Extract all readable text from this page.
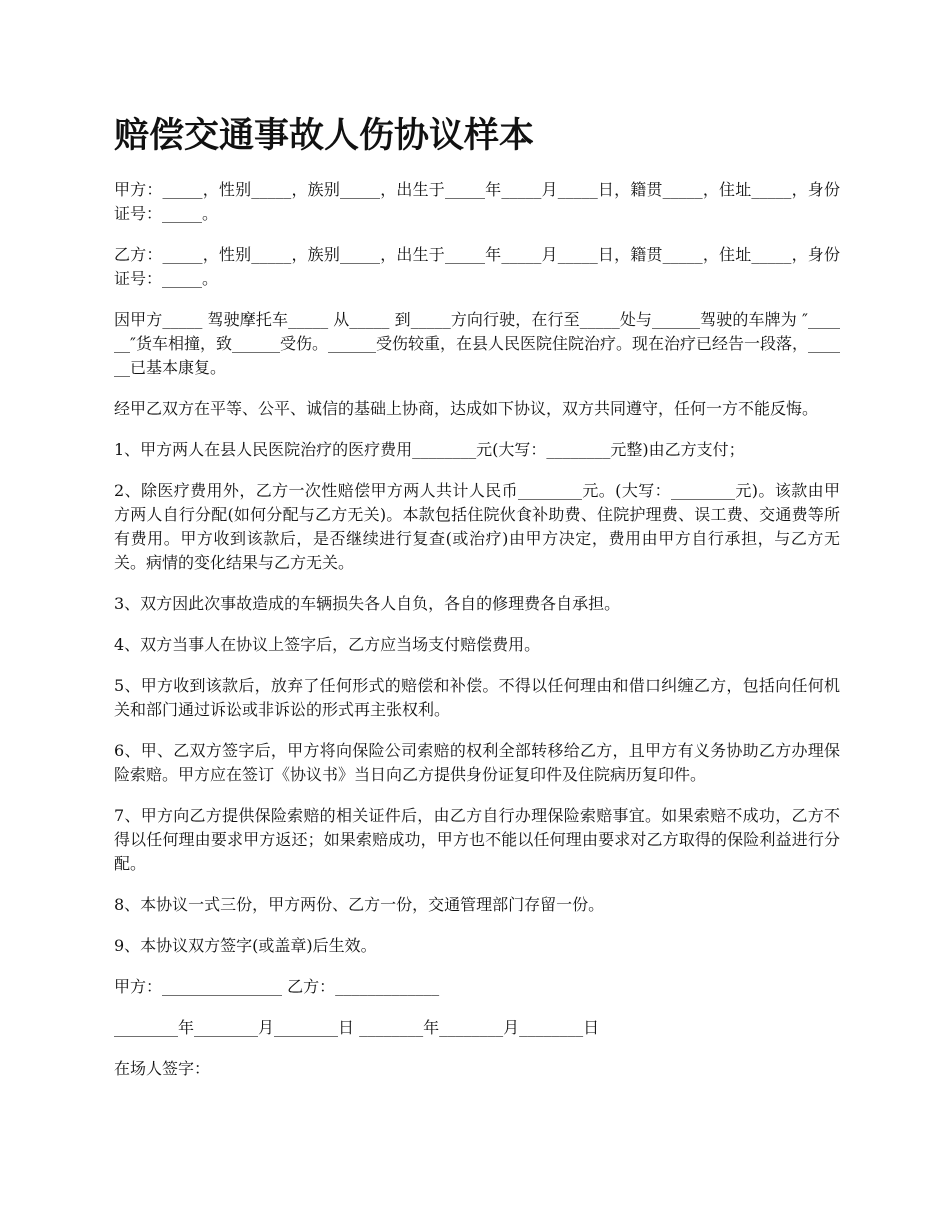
赔偿交通事故人伤协议样本

甲方：_____，性别_____，族别_____，出生于_____年_____月_____日，籍贯_____，住址_____，身份证号：_____。

乙方：_____，性别_____，族别_____，出生于_____年_____月_____日，籍贯_____，住址_____，身份证号：_____。

因甲方_____ 驾驶摩托车_____ 从_____ 到_____方向行驶，在行至_____处与______驾驶的车牌为 ″______″货车相撞，致______受伤。______受伤较重，在县人民医院住院治疗。现在治疗已经告一段落，______已基本康复。

经甲乙双方在平等、公平、诚信的基础上协商，达成如下协议，双方共同遵守，任何一方不能反悔。

1、甲方两人在县人民医院治疗的医疗费用________元(大写：________元整)由乙方支付；

2、除医疗费用外，乙方一次性赔偿甲方两人共计人民币________元。(大写：________元)。该款由甲方两人自行分配(如何分配与乙方无关)。本款包括住院伙食补助费、住院护理费、误工费、交通费等所有费用。甲方收到该款后，是否继续进行复查(或治疗)由甲方决定，费用由甲方自行承担，与乙方无关。病情的变化结果与乙方无关。

3、双方因此次事故造成的车辆损失各人自负，各自的修理费各自承担。

4、双方当事人在协议上签字后，乙方应当场支付赔偿费用。

5、甲方收到该款后，放弃了任何形式的赔偿和补偿。不得以任何理由和借口纠缠乙方，包括向任何机关和部门通过诉讼或非诉讼的形式再主张权利。

6、甲、乙双方签字后，甲方将向保险公司索赔的权利全部转移给乙方，且甲方有义务协助乙方办理保险索赔。甲方应在签订《协议书》当日向乙方提供身份证复印件及住院病历复印件。

7、甲方向乙方提供保险索赔的相关证件后，由乙方自行办理保险索赔事宜。如果索赔不成功，乙方不得以任何理由要求甲方返还；如果索赔成功，甲方也不能以任何理由要求对乙方取得的保险利益进行分配。

8、本协议一式三份，甲方两份、乙方一份，交通管理部门存留一份。

9、本协议双方签字(或盖章)后生效。

甲方：_______________ 乙方：_____________

________年________月________日 ________年________月________日

在场人签字：
